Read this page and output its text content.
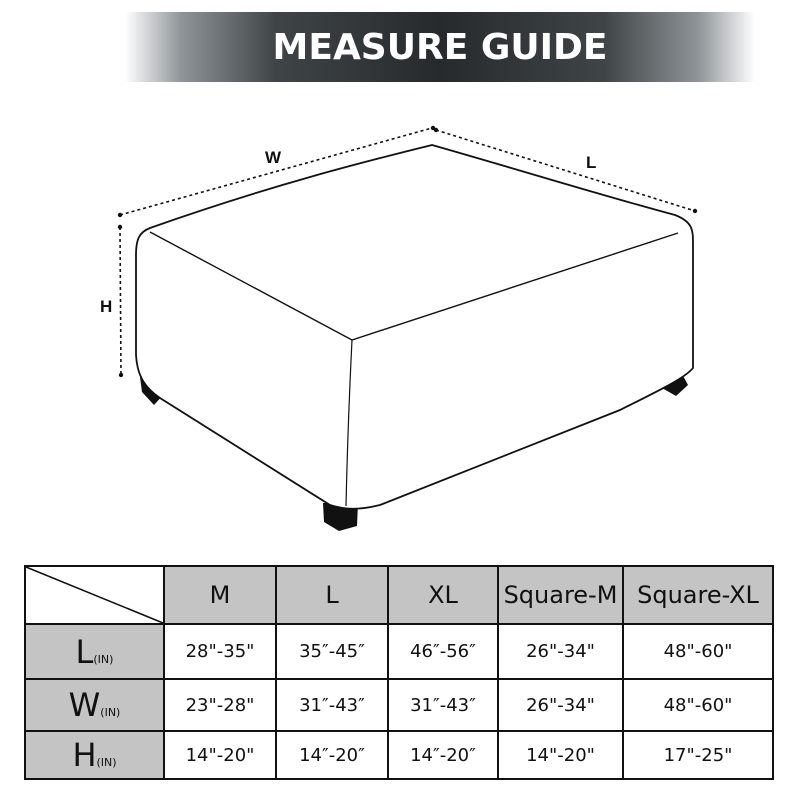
MEASURE GUIDE
W	L
H
	M	L	XL	Square-M	Square-XL
L(IN)	28"-35"	35″-45″	46″-56″	26"-34"	48"-60"
W(IN)	23"-28"	31″-43″	31″-43″	26"-34"	48"-60"
H(IN)	14"-20"	14″-20″	14″-20″	14"-20"	17"-25"
